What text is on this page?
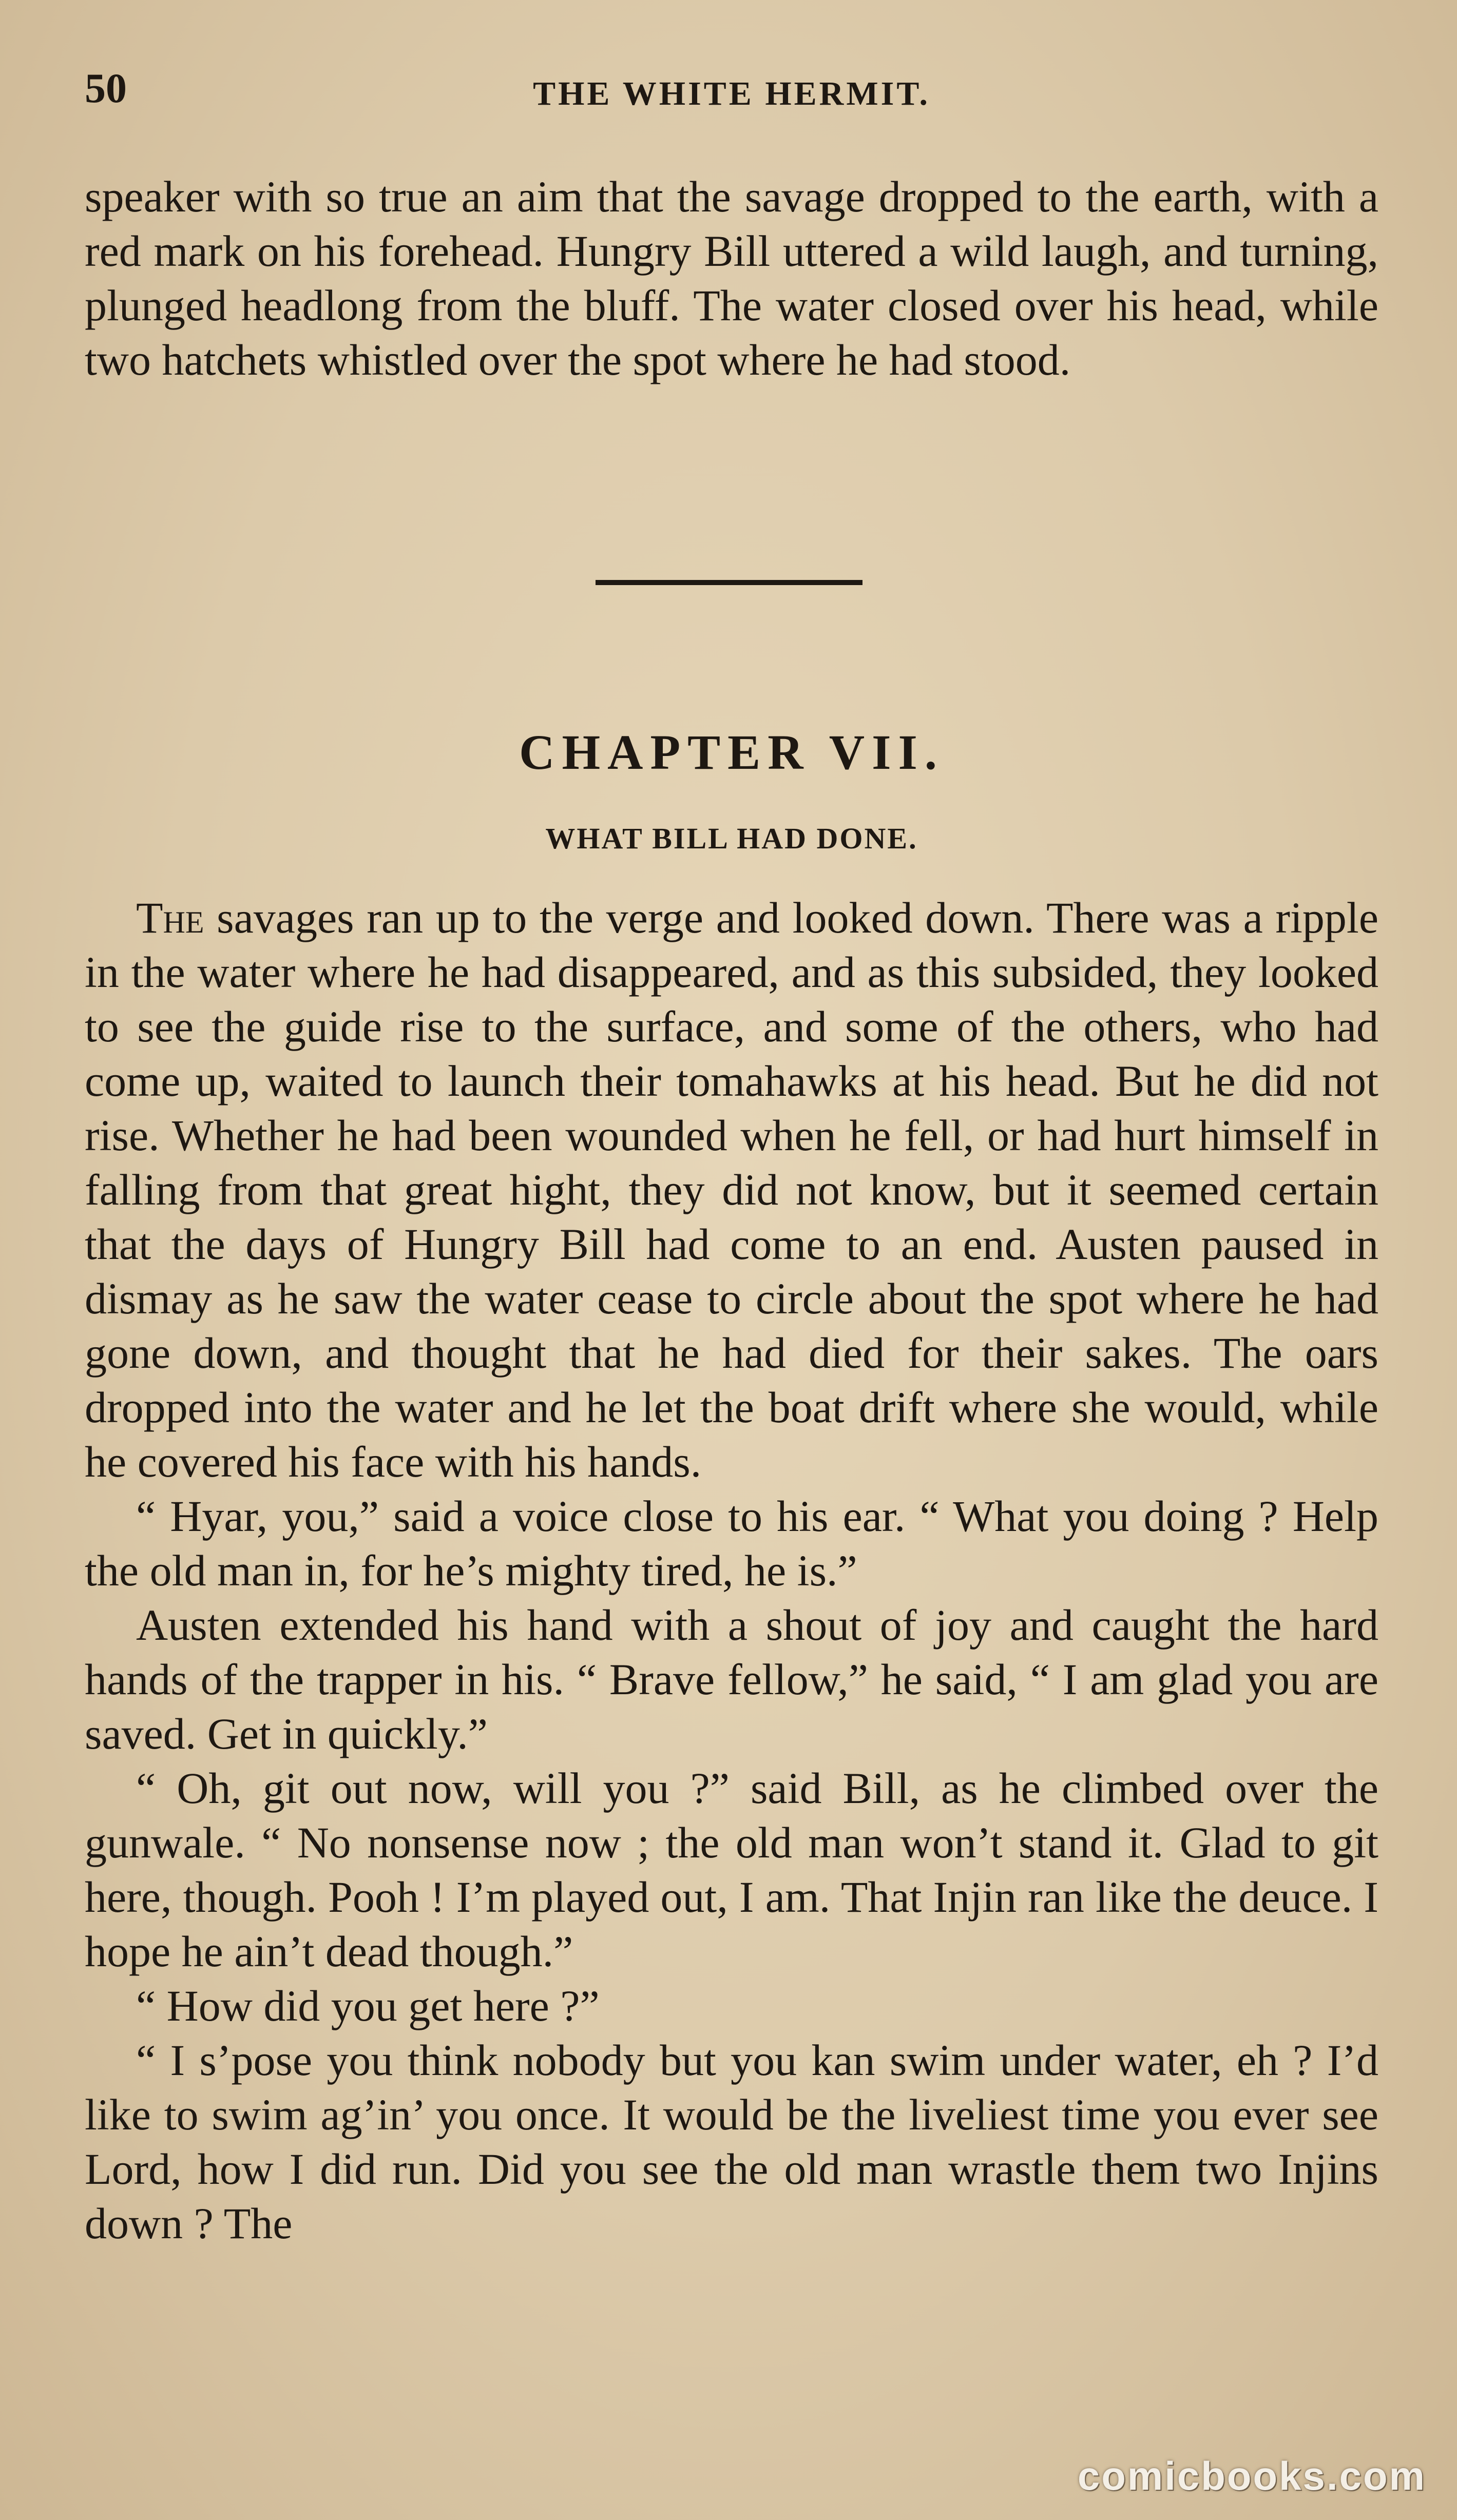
50	THE WHITE HERMIT.

speaker with so true an aim that the savage dropped to the earth, with a red mark on his forehead. Hungry Bill uttered a wild laugh, and turning, plunged headlong from the bluff. The water closed over his head, while two hatchets whistled over the spot where he had stood.

CHAPTER VII.
WHAT BILL HAD DONE.

The savages ran up to the verge and looked down. There was a ripple in the water where he had disappeared, and as this subsided, they looked to see the guide rise to the surface, and some of the others, who had come up, waited to launch their tomahawks at his head. But he did not rise. Whether he had been wounded when he fell, or had hurt himself in falling from that great hight, they did not know, but it seemed certain that the days of Hungry Bill had come to an end. Austen paused in dismay as he saw the water cease to circle about the spot where he had gone down, and thought that he had died for their sakes. The oars dropped into the water and he let the boat drift where she would, while he covered his face with his hands.

“ Hyar, you,” said a voice close to his ear. “ What you doing ? Help the old man in, for he’s mighty tired, he is.”

Austen extended his hand with a shout of joy and caught the hard hands of the trapper in his. “ Brave fellow,” he said, “ I am glad you are saved. Get in quickly.”

“ Oh, git out now, will you ?” said Bill, as he climbed over the gunwale. “ No nonsense now ; the old man won’t stand it. Glad to git here, though. Pooh ! I’m played out, I am. That Injin ran like the deuce. I hope he ain’t dead though.”

“ How did you get here ?”

“ I s’pose you think nobody but you kan swim under water, eh ? I’d like to swim ag’in’ you once. It would be the liveliest time you ever see Lord, how I did run. Did you see the old man wrastle them two Injins down ? The

comicbooks.com
